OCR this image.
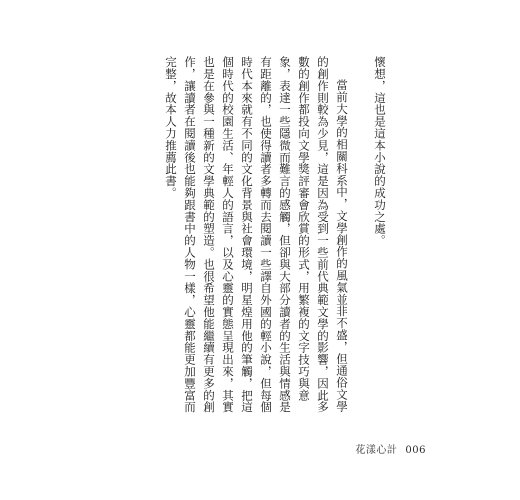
懷想，這也是這本小說的成功之處。

當前大學的相關科系中，文學創作的風氣並非不盛，但通俗文學的創作則較為少見，這是因為受到一些前代典範文學的影響，因此多數的創作都投向文學獎評審會欣賞的形式，用繁複的文字技巧與意象，表達一些隱微而難言的感觸，但卻與大部分讀者的生活與情感是有距離的，也使得讀者多轉而去閱讀一些譯自外國的輕小說，但每個時代本來就有不同的文化背景與社會環境，明星煌用他的筆觸，把這個時代的校園生活、年輕人的語言，以及心靈的實態呈現出來，其實也是在參與一種新的文學典範的塑造。也很希望他能繼續有更多的創作，讓讀者在閱讀後也能夠跟書中的人物一樣，心靈都能更加豐富而完整，故本人力推薦此書。

花漾心計 006
